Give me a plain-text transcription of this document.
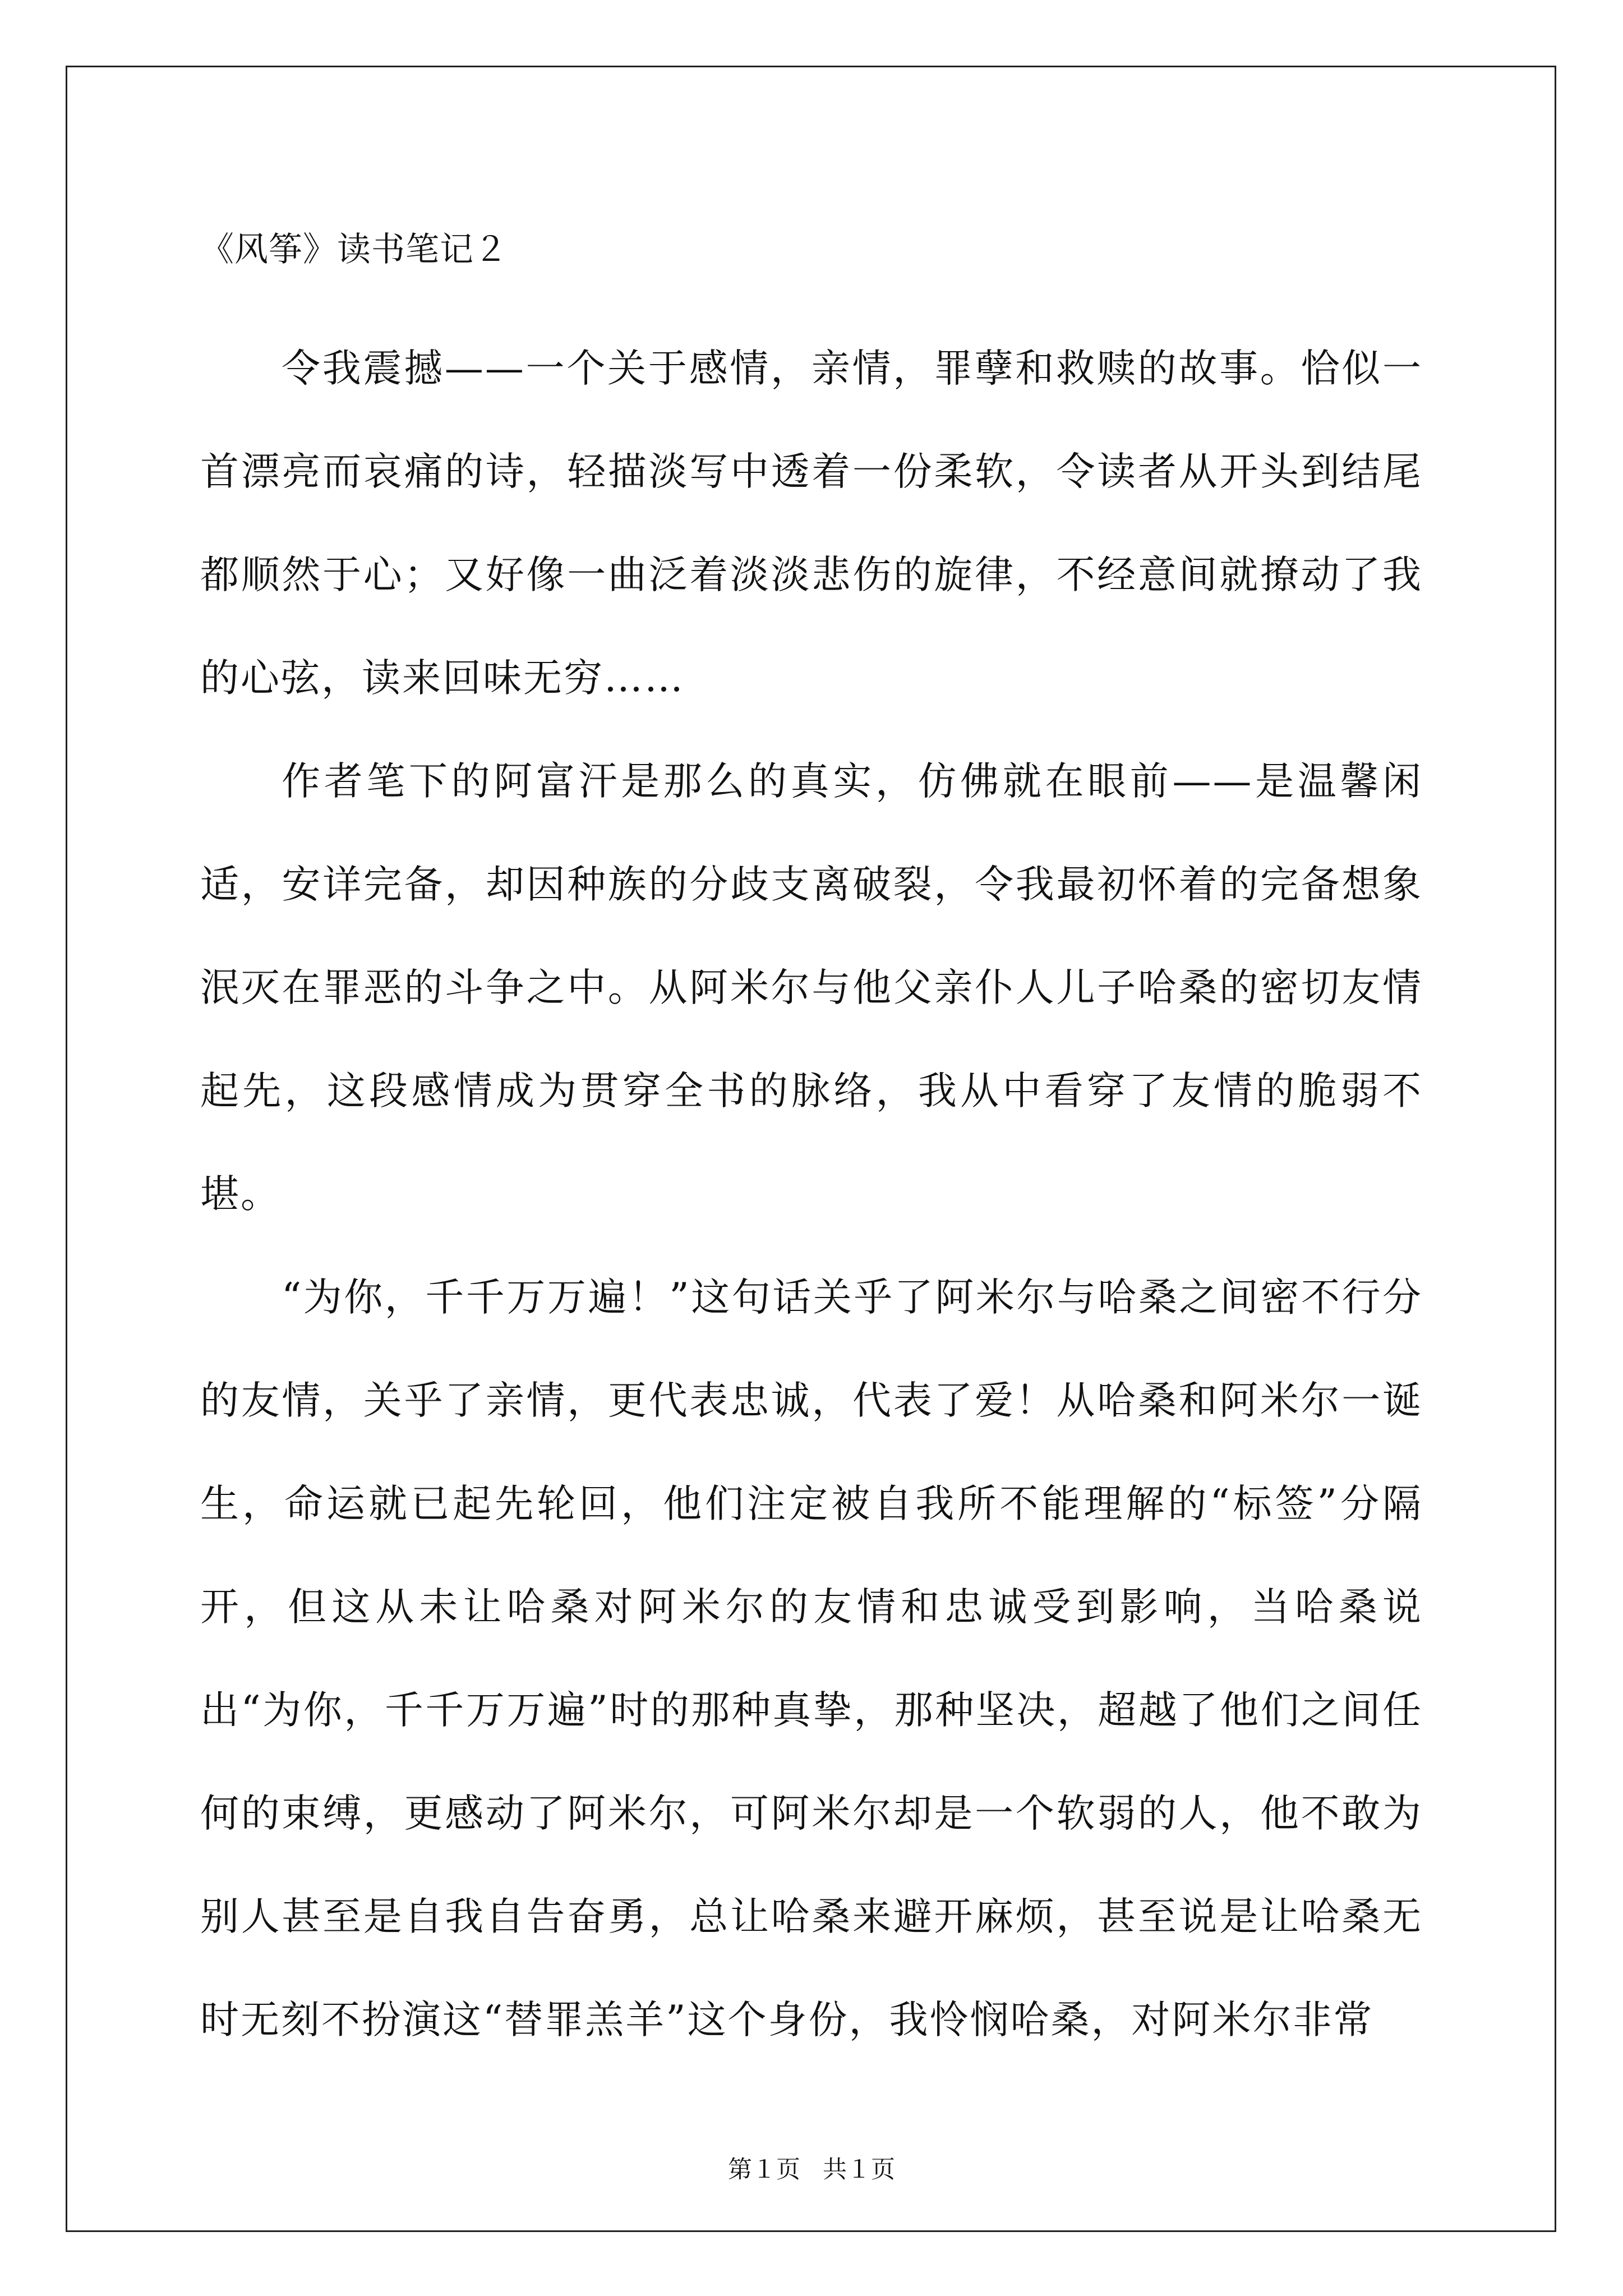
《风筝》读书笔记２

令我震撼——一个关于感情，亲情，罪孽和救赎的故事。恰似一首漂亮而哀痛的诗，轻描淡写中透着一份柔软，令读者从开头到结尾都顺然于心；又好像一曲泛着淡淡悲伤的旋律，不经意间就撩动了我的心弦，读来回味无穷……

作者笔下的阿富汗是那么的真实，仿佛就在眼前——是温馨闲适，安详完备，却因种族的分歧支离破裂，令我最初怀着的完备想象泯灭在罪恶的斗争之中。从阿米尔与他父亲仆人儿子哈桑的密切友情起先，这段感情成为贯穿全书的脉络，我从中看穿了友情的脆弱不堪。

“为你，千千万万遍！”这句话关乎了阿米尔与哈桑之间密不行分的友情，关乎了亲情，更代表忠诚，代表了爱！从哈桑和阿米尔一诞生，命运就已起先轮回，他们注定被自我所不能理解的“标签”分隔开，但这从未让哈桑对阿米尔的友情和忠诚受到影响，当哈桑说出“为你，千千万万遍”时的那种真挚，那种坚决，超越了他们之间任何的束缚，更感动了阿米尔，可阿米尔却是一个软弱的人，他不敢为别人甚至是自我自告奋勇，总让哈桑来避开麻烦，甚至说是让哈桑无时无刻不扮演这“替罪羔羊”这个身份，我怜悯哈桑，对阿米尔非常

第１页 共１页
